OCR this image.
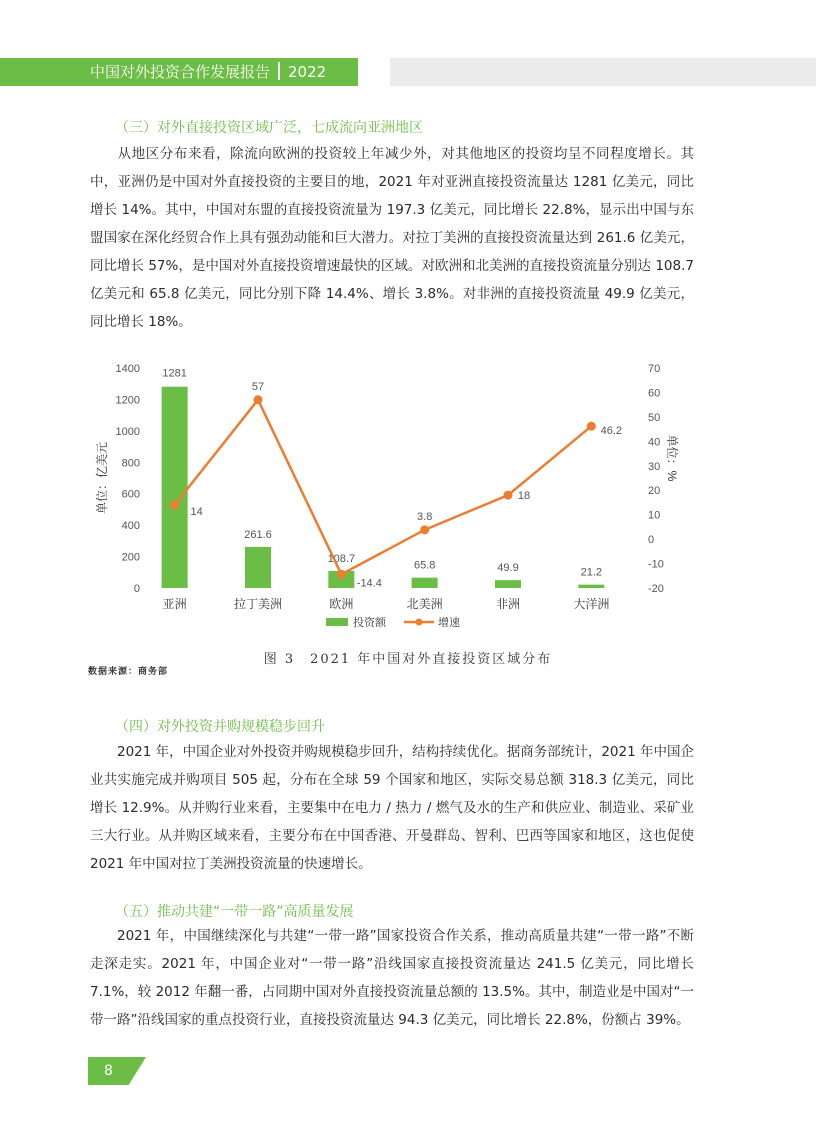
中国对外投资合作发展报告 2022
（三）对外直接投资区域广泛，七成流向亚洲地区

从地区分布来看，除流向欧洲的投资较上年减少外，对其他地区的投资均呈不同程度增长。其中，亚洲仍是中国对外直接投资的主要目的地，2021 年对亚洲直接投资流量达 1281 亿美元，同比增长 14%。其中，中国对东盟的直接投资流量为 197.3 亿美元，同比增长 22.8%，显示出中国与东盟国家在深化经贸合作上具有强劲动能和巨大潜力。对拉丁美洲的直接投资流量达到 261.6 亿美元，同比增长 57%，是中国对外直接投资增速最快的区域。对欧洲和北美洲的直接投资流量分别达 108.7 亿美元和 65.8 亿美元，同比分别下降 14.4%、增长 3.8%。对非洲的直接投资流量 49.9 亿美元，同比增长 18%。

1400
1200
1000
800
600
400
200
0
70
60
50
40
30
20
10
0
-10
-20
单位：亿美元	单位：%
1281
261.6
108.7
65.8	49.9	21.2
14
57
-14.4
3.8
18
46.2
亚洲	拉丁美洲	欧洲	北美洲	非洲	大洋洲
投资额	增速
图 3　2021 年中国对外直接投资区域分布
数据来源：商务部
（四）对外投资并购规模稳步回升

2021 年，中国企业对外投资并购规模稳步回升，结构持续优化。据商务部统计，2021 年中国企业共实施完成并购项目 505 起，分布在全球 59 个国家和地区，实际交易总额 318.3 亿美元，同比增长 12.9%。从并购行业来看，主要集中在电力 / 热力 / 燃气及水的生产和供应业、制造业、采矿业三大行业。从并购区域来看，主要分布在中国香港、开曼群岛、智利、巴西等国家和地区，这也促使 2021 年中国对拉丁美洲投资流量的快速增长。

（五）推动共建“一带一路”高质量发展

2021 年，中国继续深化与共建“一带一路”国家投资合作关系，推动高质量共建“一带一路”不断走深走实。2021 年，中国企业对“一带一路”沿线国家直接投资流量达 241.5 亿美元，同比增长 7.1%，较 2012 年翻一番，占同期中国对外直接投资流量总额的 13.5%。其中，制造业是中国对“一带一路”沿线国家的重点投资行业，直接投资流量达 94.3 亿美元，同比增长 22.8%，份额占 39%。

8
